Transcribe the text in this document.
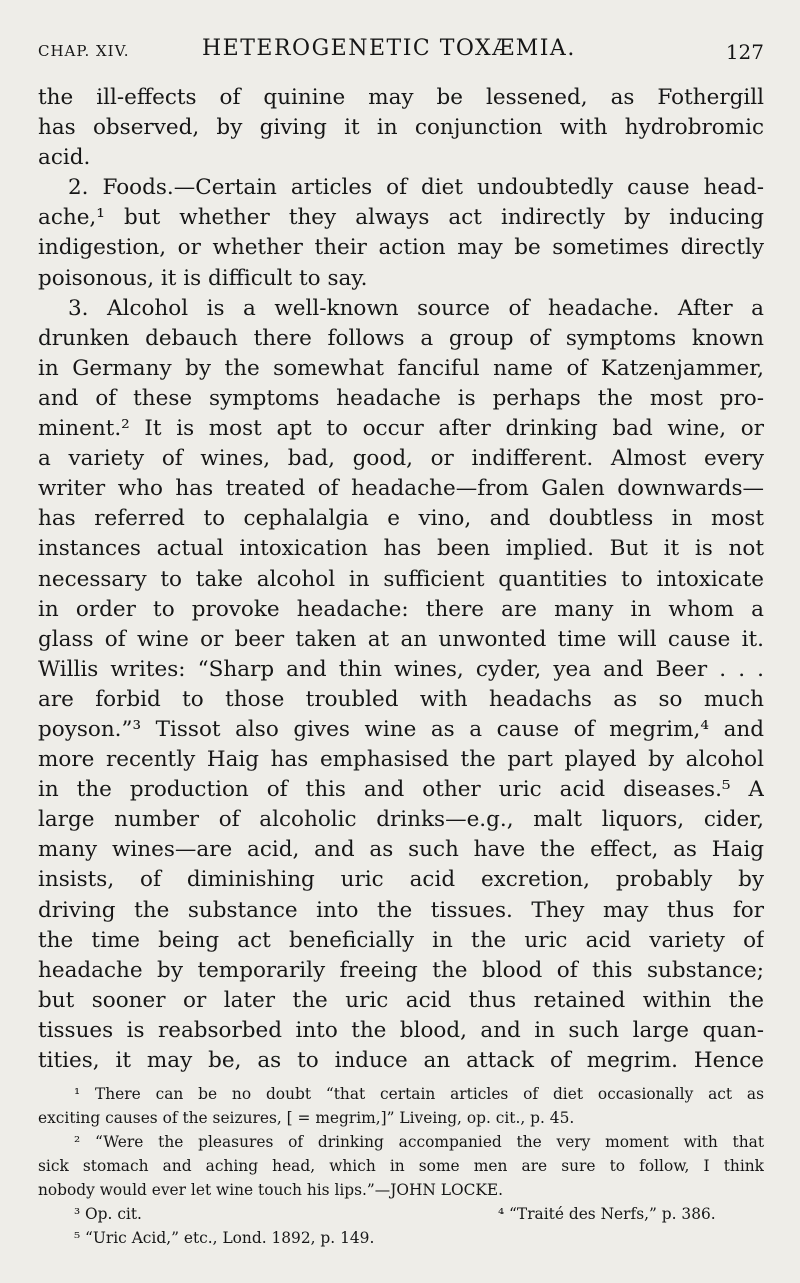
CHAP. XIV.	HETEROGENETIC TOXÆMIA.	127
the ill-effects of quinine may be lessened, as Fothergill
has observed, by giving it in conjunction with hydrobromic
acid.
2. Foods.—Certain articles of diet undoubtedly cause head-
ache,¹ but whether they always act indirectly by inducing
indigestion, or whether their action may be sometimes directly
poisonous, it is difficult to say.
3. Alcohol is a well-known source of headache. After a
drunken debauch there follows a group of symptoms known
in Germany by the somewhat fanciful name of Katzenjammer,
and of these symptoms headache is perhaps the most pro-
minent.² It is most apt to occur after drinking bad wine, or
a variety of wines, bad, good, or indifferent. Almost every
writer who has treated of headache—from Galen downwards—
has referred to cephalalgia e vino, and doubtless in most
instances actual intoxication has been implied. But it is not
necessary to take alcohol in sufficient quantities to intoxicate
in order to provoke headache: there are many in whom a
glass of wine or beer taken at an unwonted time will cause it.
Willis writes: “Sharp and thin wines, cyder, yea and Beer . . .
are forbid to those troubled with headachs as so much
poyson.”³ Tissot also gives wine as a cause of megrim,⁴ and
more recently Haig has emphasised the part played by alcohol
in the production of this and other uric acid diseases.⁵ A
large number of alcoholic drinks—e.g., malt liquors, cider,
many wines—are acid, and as such have the effect, as Haig
insists, of diminishing uric acid excretion, probably by
driving the substance into the tissues. They may thus for
the time being act beneficially in the uric acid variety of
headache by temporarily freeing the blood of this substance;
but sooner or later the uric acid thus retained within the
tissues is reabsorbed into the blood, and in such large quan-
tities, it may be, as to induce an attack of megrim. Hence
¹ There can be no doubt “that certain articles of diet occasionally act as
exciting causes of the seizures, [ = megrim,]” Liveing, op. cit., p. 45.
² “Were the pleasures of drinking accompanied the very moment with that
sick stomach and aching head, which in some men are sure to follow, I think
nobody would ever let wine touch his lips.”—JOHN LOCKE.
³ Op. cit.	⁴ “Traité des Nerfs,” p. 386.
⁵ “Uric Acid,” etc., Lond. 1892, p. 149.
